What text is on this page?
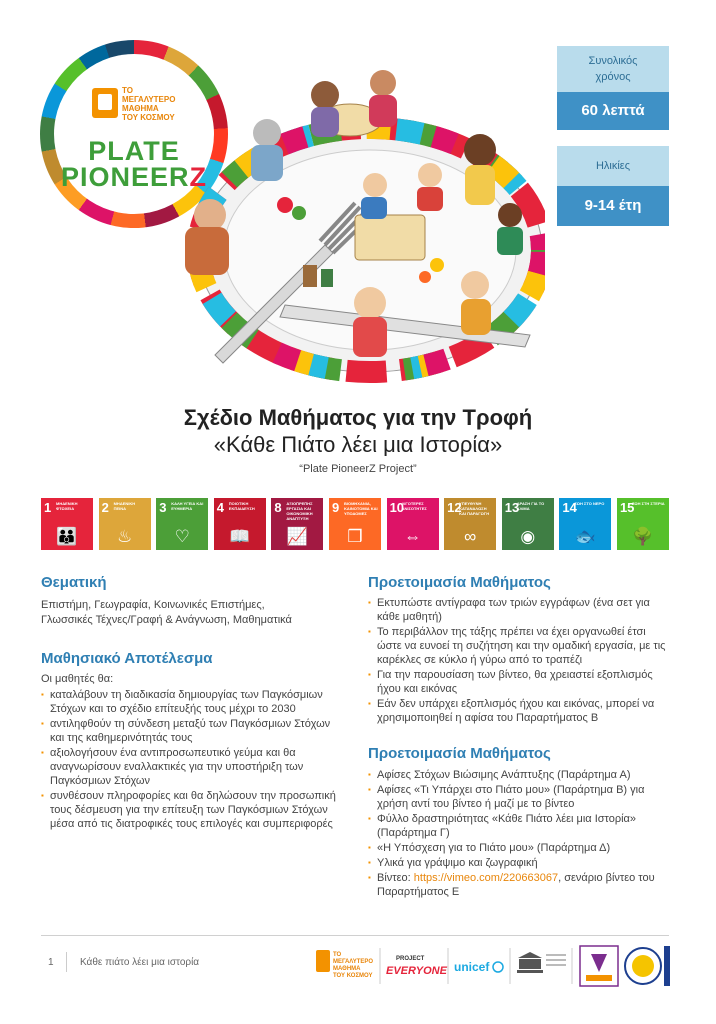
ΤΟ
ΜΕΓΑΛΥΤΕΡΟ
ΜΑΘΗΜΑ
ΤΟΥ ΚΟΣΜΟΥ
PLATE
PIONEERZ
Συνολικός
χρόνος
60 λεπτά
Ηλικίες
9-14 έτη
Σχέδιο Μαθήματος για την Τροφή
«Κάθε Πιάτο λέει μια Ιστορία»
“Plate PioneerZ Project”
1 ΜΗΔΕΝΙΚΗ ΦΤΩΧΕΙΑ
👪
2 ΜΗΔΕΝΙΚΗ ΠΕΙΝΑ
♨
3 ΚΑΛΗ ΥΓΕΙΑ ΚΑΙ ΕΥΗΜΕΡΙΑ
♡
4 ΠΟΙΟΤΙΚΗ ΕΚΠΑΙΔΕΥΣΗ
📖
8 ΑΞΙΟΠΡΕΠΗΣ ΕΡΓΑΣΙΑ ΚΑΙ ΟΙΚΟΝΟΜΙΚΗ ΑΝΑΠΤΥΞΗ
📈
9 ΒΙΟΜΗΧΑΝΙΑ, ΚΑΙΝΟΤΟΜΙΑ ΚΑΙ ΥΠΟΔΟΜΕΣ
❒
10
ΛΙΓΟΤΕΡΕΣ ΑΝΙΣΟΤΗΤΕΣ
⇔
12
ΥΠΕΥΘΥΝΗ ΚΑΤΑΝΑΛΩΣΗ ΚΑΙ ΠΑΡΑΓΩΓΗ
∞
13
ΔΡΑΣΗ ΓΙΑ ΤΟ ΚΛΙΜΑ
◉
14
ΖΩΗ ΣΤΟ ΝΕΡΟ
🐟
15
ΖΩΗ ΣΤΗ ΣΤΕΡΙΑ
🌳
Θεματική
Επιστήμη, Γεωγραφία, Κοινωνικές Επιστήμες,
Γλωσσικές Τέχνες/Γραφή & Ανάγνωση, Μαθηματικά
Μαθησιακό Αποτέλεσμα
Οι μαθητές θα:
▪ καταλάβουν τη διαδικασία δημιουργίας των Παγκόσμιων Στόχων και το σχέδιο επίτευξής τους μέχρι το 2030
▪ αντιληφθούν τη σύνδεση μεταξύ των Παγκόσμιων Στόχων και της καθημερινότητάς τους
▪ αξιολογήσουν ένα αντιπροσωπευτικό γεύμα και θα αναγνωρίσουν εναλλακτικές για την υποστήριξη των Παγκόσμιων Στόχων
▪ συνθέσουν πληροφορίες και θα δηλώσουν την προσωπική τους δέσμευση για την επίτευξη των Παγκόσμιων Στόχων μέσα από τις διατροφικές τους επιλογές και συμπεριφορές
Προετοιμασία Μαθήματος
▪ Εκτυπώστε αντίγραφα των τριών εγγράφων (ένα σετ για κάθε μαθητή)
▪ Το περιβάλλον της τάξης πρέπει να έχει οργανωθεί έτσι ώστε να ευνοεί τη συζήτηση και την ομαδική εργασία, με τις καρέκλες σε κύκλο ή γύρω από το τραπέζι
▪ Για την παρουσίαση των βίντεο, θα χρειαστεί εξοπλισμός ήχου και εικόνας
▪ Εάν δεν υπάρχει εξοπλισμός ήχου και εικόνας, μπορεί να χρησιμοποιηθεί η αφίσα του Παραρτήματος Β
Προετοιμασία Μαθήματος
▪ Αφίσες Στόχων Βιώσιμης Ανάπτυξης (Παράρτημα Α)
▪ Αφίσες «Τι Υπάρχει στο Πιάτο μου» (Παράρτημα Β) για χρήση αντί του βίντεο ή μαζί με το βίντεο
▪ Φύλλο δραστηριότητας «Κάθε Πιάτο λέει μια Ιστορία» (Παράρτημα Γ)
▪ «Η Υπόσχεση για το Πιάτο μου» (Παράρτημα Δ)
▪ Υλικά για γράψιμο και ζωγραφική
▪ Βίντεο: https://vimeo.com/220663067, σενάριο βίντεο του Παραρτήματος Ε
1	Κάθε πιάτο λέει μια ιστορία
ΤΟ
ΜΕΓΑΛΥΤΕΡΟ
ΜΑΘΗΜΑ
ΤΟΥ ΚΟΣΜΟΥ
PROJECT
EVERYONE unicef
